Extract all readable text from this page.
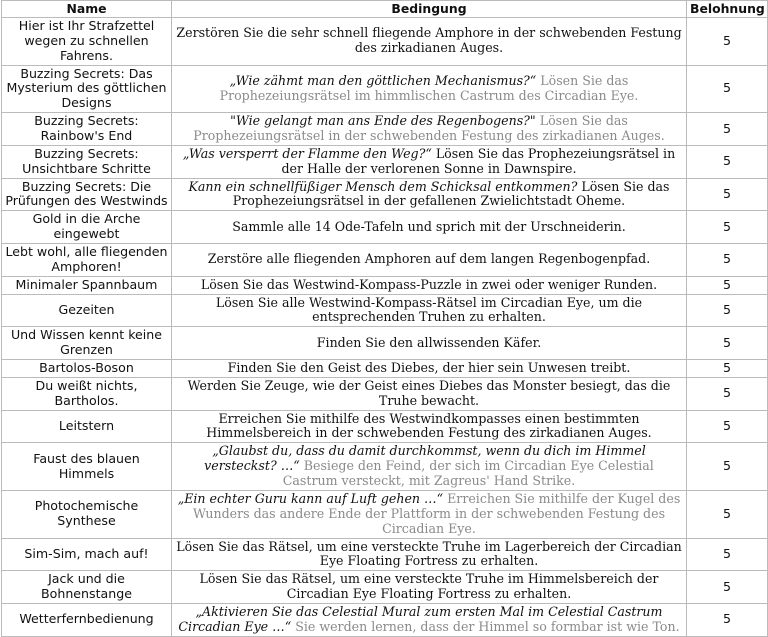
Name	Bedingung	Belohnung
Hier ist Ihr Strafzettel wegen zu schnellen Fahrens.	Zerstören Sie die sehr schnell fliegende Amphore in der schwebenden Festung des zirkadianen Auges.	5
Buzzing Secrets: Das Mysterium des göttlichen Designs	„Wie zähmt man den göttlichen Mechanismus?“ Lösen Sie das Prophezeiungsrätsel im himmlischen Castrum des Circadian Eye.	5
Buzzing Secrets: Rainbow's End	"Wie gelangt man ans Ende des Regenbogens?" Lösen Sie das Prophezeiungsrätsel in der schwebenden Festung des zirkadianen Auges.	5
Buzzing Secrets: Unsichtbare Schritte	„Was versperrt der Flamme den Weg?“ Lösen Sie das Prophezeiungsrätsel in der Halle der verlorenen Sonne in Dawnspire.	5
Buzzing Secrets: Die Prüfungen des Westwinds	Kann ein schnellfüßiger Mensch dem Schicksal entkommen? Lösen Sie das Prophezeiungsrätsel in der gefallenen Zwielichtstadt Oheme.	5
Gold in die Arche eingewebt	Sammle alle 14 Ode-Tafeln und sprich mit der Urschneiderin.	5
Lebt wohl, alle fliegenden Amphoren!	Zerstöre alle fliegenden Amphoren auf dem langen Regenbogenpfad.	5
Minimaler Spannbaum	Lösen Sie das Westwind-Kompass-Puzzle in zwei oder weniger Runden.	5
Gezeiten	Lösen Sie alle Westwind-Kompass-Rätsel im Circadian Eye, um die entsprechenden Truhen zu erhalten.	5
Und Wissen kennt keine Grenzen	Finden Sie den allwissenden Käfer.	5
Bartolos-Boson	Finden Sie den Geist des Diebes, der hier sein Unwesen treibt.	5
Du weißt nichts, Bartholos.	Werden Sie Zeuge, wie der Geist eines Diebes das Monster besiegt, das die Truhe bewacht.	5
Leitstern	Erreichen Sie mithilfe des Westwindkompasses einen bestimmten Himmelsbereich in der schwebenden Festung des zirkadianen Auges.	5
Faust des blauen Himmels	„Glaubst du, dass du damit durchkommst, wenn du dich im Himmel versteckst? …“ Besiege den Feind, der sich im Circadian Eye Celestial Castrum versteckt, mit Zagreus' Hand Strike.	5
Photochemische Synthese	„Ein echter Guru kann auf Luft gehen …“ Erreichen Sie mithilfe der Kugel des Wunders das andere Ende der Plattform in der schwebenden Festung des Circadian Eye.	5
Sim-Sim, mach auf!	Lösen Sie das Rätsel, um eine versteckte Truhe im Lagerbereich der Circadian Eye Floating Fortress zu erhalten.	5
Jack und die Bohnenstange	Lösen Sie das Rätsel, um eine versteckte Truhe im Himmelsbereich der Circadian Eye Floating Fortress zu erhalten.	5
Wetterfernbedienung	„Aktivieren Sie das Celestial Mural zum ersten Mal im Celestial Castrum Circadian Eye …“ Sie werden lernen, dass der Himmel so formbar ist wie Ton.	5
